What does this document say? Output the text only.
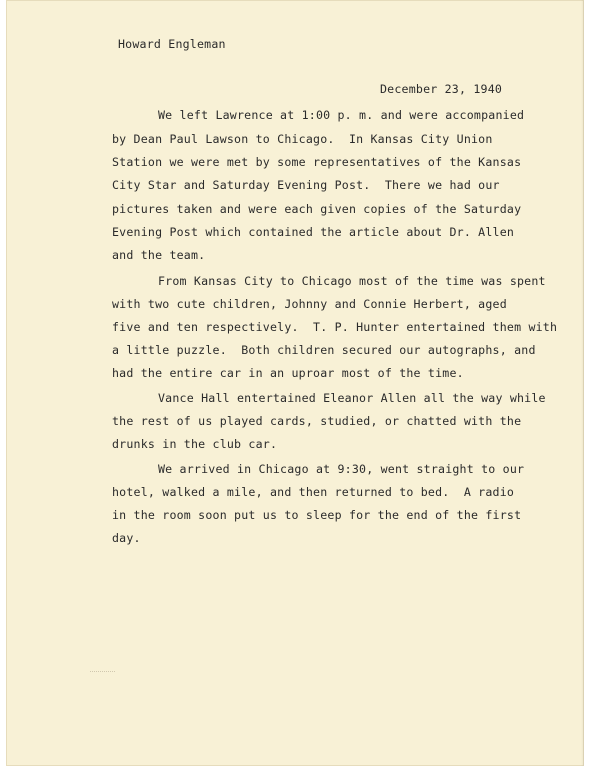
Howard Engleman
December 23, 1940
We left Lawrence at 1:00 p. m. and were accompanied
by Dean Paul Lawson to Chicago.  In Kansas City Union
Station we were met by some representatives of the Kansas
City Star and Saturday Evening Post.  There we had our
pictures taken and were each given copies of the Saturday
Evening Post which contained the article about Dr. Allen
and the team.
From Kansas City to Chicago most of the time was spent
with two cute children, Johnny and Connie Herbert, aged
five and ten respectively.  T. P. Hunter entertained them with
a little puzzle.  Both children secured our autographs, and
had the entire car in an uproar most of the time.
Vance Hall entertained Eleanor Allen all the way while
the rest of us played cards, studied, or chatted with the
drunks in the club car.
We arrived in Chicago at 9:30, went straight to our
hotel, walked a mile, and then returned to bed.  A radio
in the room soon put us to sleep for the end of the first
day.
